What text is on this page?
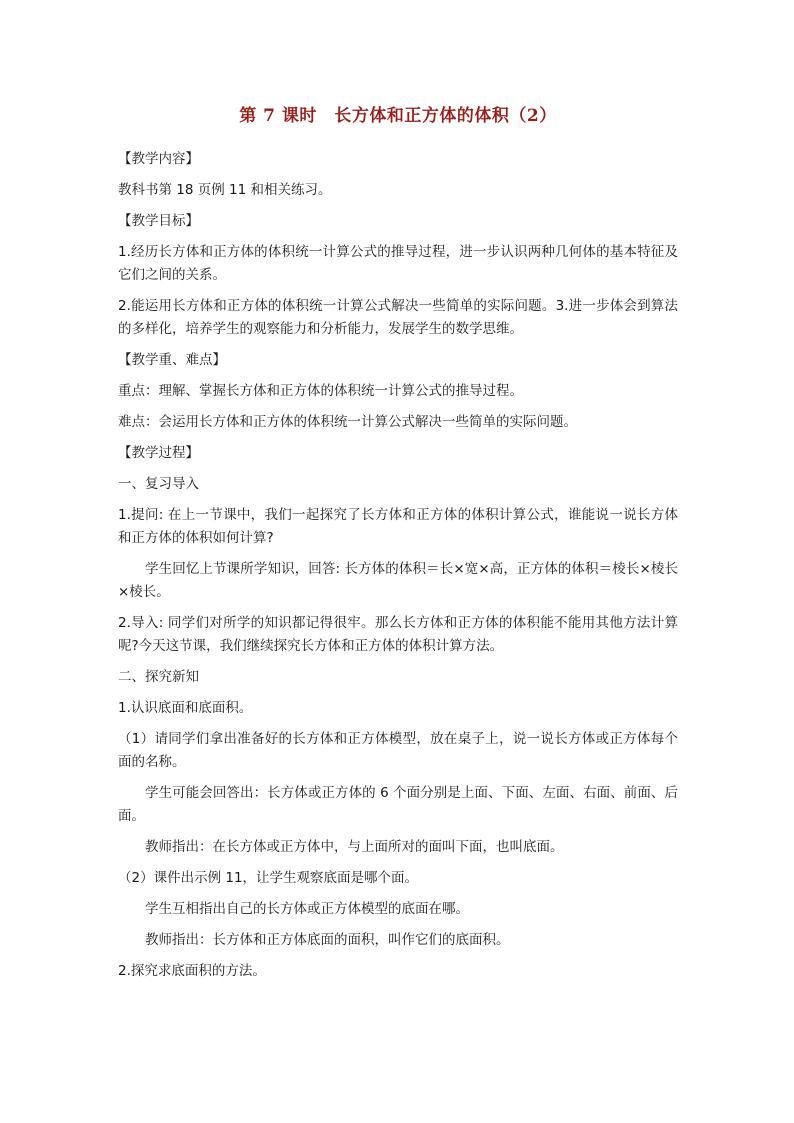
第 7 课时　长方体和正方体的体积（2）

【教学内容】

教科书第 18 页例 11 和相关练习。

【教学目标】

1.经历长方体和正方体的体积统一计算公式的推导过程，进一步认识两种几何体的基本特征及它们之间的关系。

2.能运用长方体和正方体的体积统一计算公式解决一些简单的实际问题。3.进一步体会到算法的多样化，培养学生的观察能力和分析能力，发展学生的数学思维。

【教学重、难点】

重点：理解、掌握长方体和正方体的体积统一计算公式的推导过程。

难点：会运用长方体和正方体的体积统一计算公式解决一些简单的实际问题。

【教学过程】

一、复习导入

1.提问: 在上一节课中，我们一起探究了长方体和正方体的体积计算公式，谁能说一说长方体和正方体的体积如何计算?

学生回忆上节课所学知识，回答: 长方体的体积＝长×宽×高，正方体的体积＝棱长×棱长×棱长。

2.导入: 同学们对所学的知识都记得很牢。那么长方体和正方体的体积能不能用其他方法计算呢?今天这节课，我们继续探究长方体和正方体的体积计算方法。

二、探究新知

1.认识底面和底面积。

（1）请同学们拿出准备好的长方体和正方体模型，放在桌子上，说一说长方体或正方体每个面的名称。

学生可能会回答出：长方体或正方体的 6 个面分别是上面、下面、左面、右面、前面、后面。

教师指出：在长方体或正方体中，与上面所对的面叫下面，也叫底面。

（2）课件出示例 11，让学生观察底面是哪个面。

学生互相指出自己的长方体或正方体模型的底面在哪。

教师指出：长方体和正方体底面的面积，叫作它们的底面积。

2.探究求底面积的方法。
